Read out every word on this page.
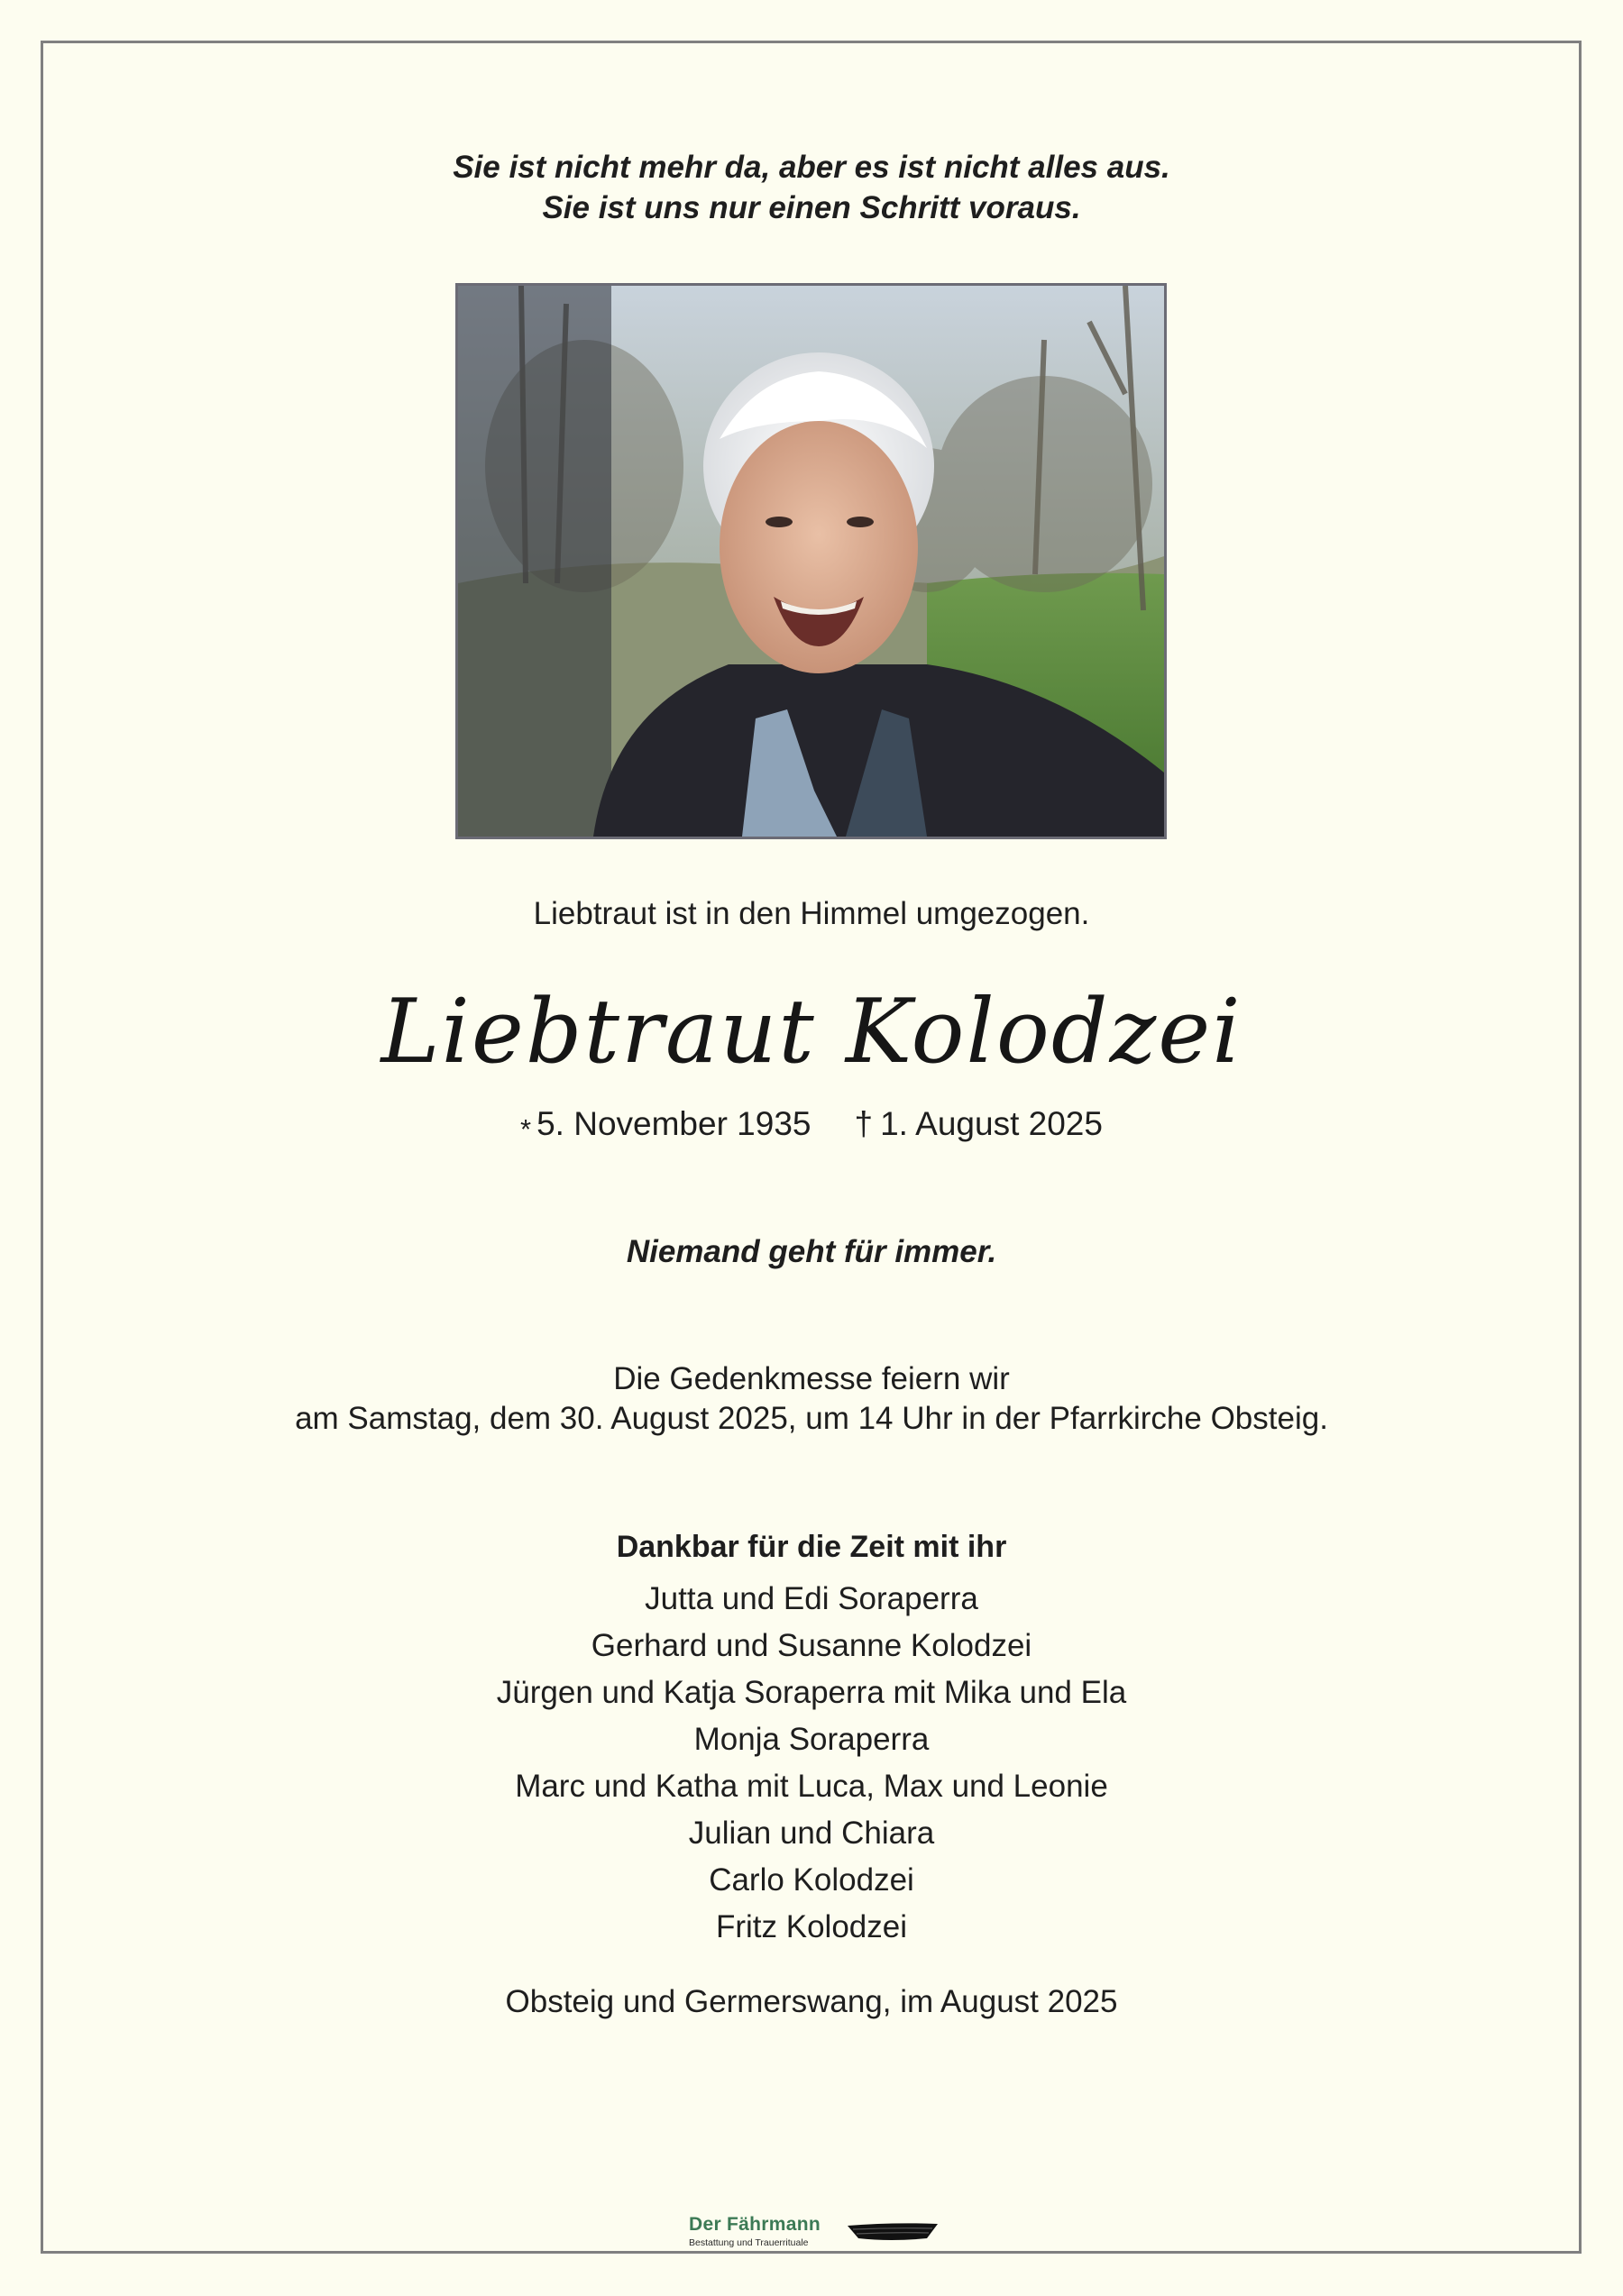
Sie ist nicht mehr da, aber es ist nicht alles aus.
Sie ist uns nur einen Schritt voraus.
Liebtraut ist in den Himmel umgezogen.
Liebtraut Kolodzei
* 5. November 1935 † 1. August 2025
Niemand geht für immer.
Die Gedenkmesse feiern wir
am Samstag, dem 30. August 2025, um 14 Uhr in der Pfarrkirche Obsteig.
Dankbar für die Zeit mit ihr
Jutta und Edi Soraperra
Gerhard und Susanne Kolodzei
Jürgen und Katja Soraperra mit Mika und Ela
Monja Soraperra
Marc und Katha mit Luca, Max und Leonie
Julian und Chiara
Carlo Kolodzei
Fritz Kolodzei
Obsteig und Germerswang, im August 2025
Der Fährmann
Bestattung und Trauerrituale
